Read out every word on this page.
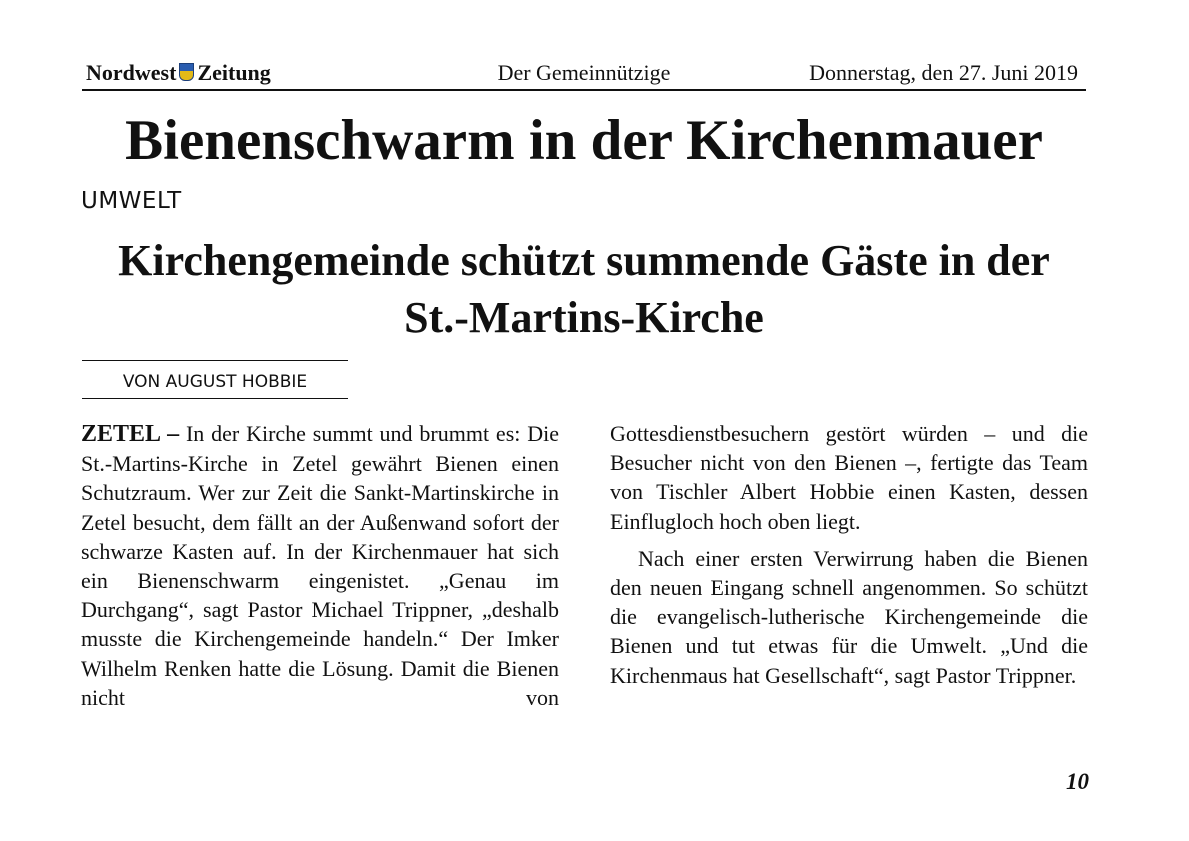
Nordwest Zeitung	Der Gemeinnützige	Donnerstag, den 27. Juni 2019
Bienenschwarm in der Kirchenmauer
UMWELT
Kirchengemeinde schützt summende Gäste in der St.-Martins-Kirche
VON AUGUST HOBBIE

ZETEL – In der Kirche summt und brummt es: Die St.-Martins-Kirche in Zetel gewährt Bienen einen Schutzraum. Wer zur Zeit die Sankt-Martinskirche in Zetel besucht, dem fällt an der Außenwand sofort der schwarze Kasten auf. In der Kirchenmauer hat sich ein Bienenschwarm eingenistet. „Genau im Durchgang“, sagt Pastor Michael Trippner, „deshalb musste die Kirchengemeinde handeln.“ Der Imker Wilhelm Renken hatte die Lösung. Damit die Bienen nicht von

Gottesdienstbesuchern gestört würden – und die Besucher nicht von den Bienen –, fertigte das Team von Tischler Albert Hobbie einen Kasten, dessen Einflugloch hoch oben liegt.

Nach einer ersten Verwirrung haben die Bienen den neuen Eingang schnell angenommen. So schützt die evangelisch-lutherische Kirchengemeinde die Bienen und tut etwas für die Umwelt. „Und die Kirchenmaus hat Gesellschaft“, sagt Pastor Trippner.

10
